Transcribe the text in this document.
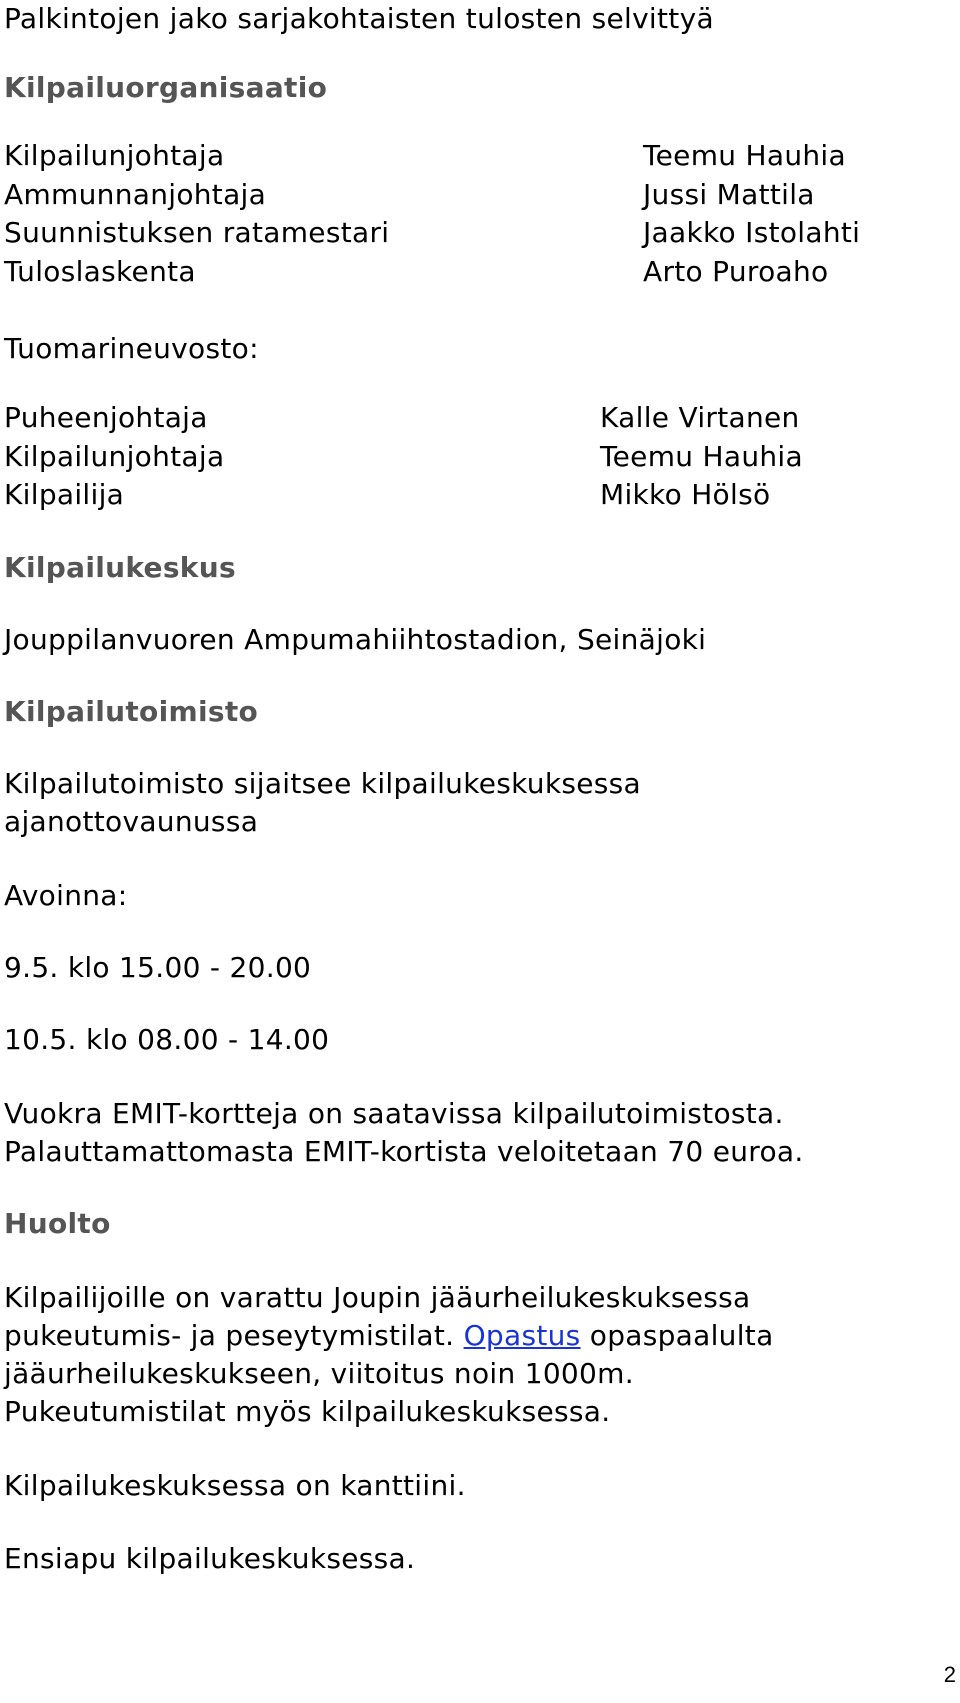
Palkintojen jako sarjakohtaisten tulosten selvittyä
Kilpailuorganisaatio
Kilpailunjohtaja
Ammunnanjohtaja
Suunnistuksen ratamestari
Tuloslaskenta
Teemu Hauhia
Jussi Mattila
Jaakko Istolahti
Arto Puroaho
Tuomarineuvosto:
Puheenjohtaja
Kilpailunjohtaja
Kilpailija
Kalle Virtanen
Teemu Hauhia
Mikko Hölsö
Kilpailukeskus
Jouppilanvuoren Ampumahiihtostadion, Seinäjoki
Kilpailutoimisto
Kilpailutoimisto sijaitsee kilpailukeskuksessa
ajanottovaunussa
Avoinna:
9.5. klo 15.00 - 20.00
10.5. klo 08.00 - 14.00
Vuokra EMIT-kortteja on saatavissa kilpailutoimistosta.
Palauttamattomasta EMIT-kortista veloitetaan 70 euroa.
Huolto
Kilpailijoille on varattu Joupin jääurheilukeskuksessa
pukeutumis- ja peseytymistilat. Opastus opaspaalulta
jääurheilukeskukseen, viitoitus noin 1000m.
Pukeutumistilat myös kilpailukeskuksessa.
Kilpailukeskuksessa on kanttiini.
Ensiapu kilpailukeskuksessa.
2
